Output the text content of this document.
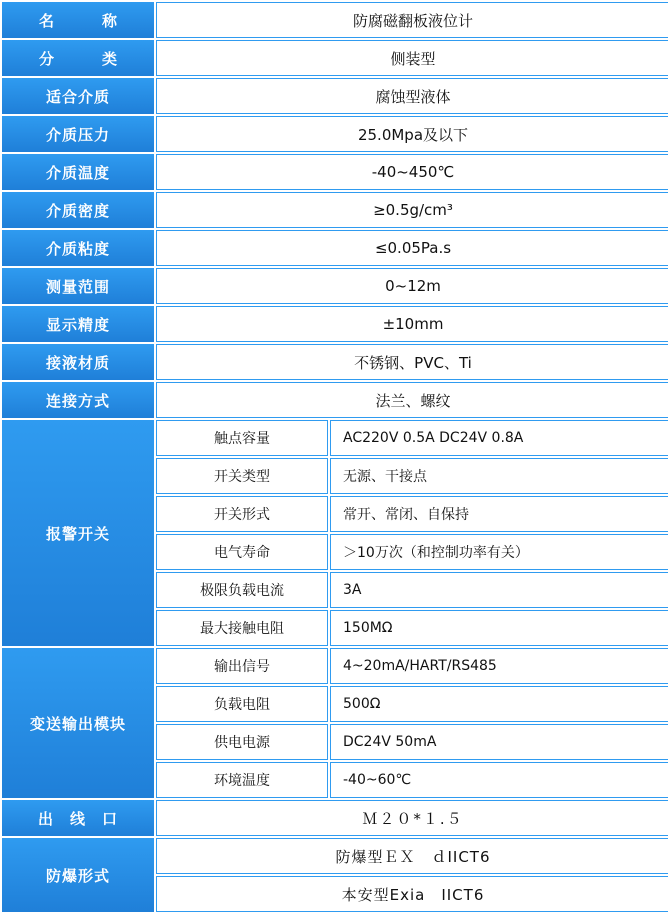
名　　称	防腐磁翻板液位计	
分　　类	侧装型	
适合介质	腐蚀型液体	
介质压力	25.0Mpa及以下	
介质温度	-40~450℃	
介质密度	≥0.5g/cm³	
介质粘度	≤0.05Pa.s	
测量范围	0~12m	
显示精度	±10mm	
接液材质	不锈钢、PVC、Ti	
连接方式	法兰、螺纹	
报警开关	触点容量	AC220V 0.5A DC24V 0.8A
	开关类型	无源、干接点
	开关形式	常开、常闭、自保持
	电气寿命	＞10万次（和控制功率有关）
	极限负载电流	3A
	最大接触电阻	150MΩ
变送输出模块	输出信号	4~20mA/HART/RS485
	负载电阻	500Ω
	供电电源	DC24V 50mA
	环境温度	-40~60℃
出　线　口	Ｍ２０*１.５	
防爆形式	防爆型ＥＸ　ｄIICT6	
	本安型Exia　IICT6	
